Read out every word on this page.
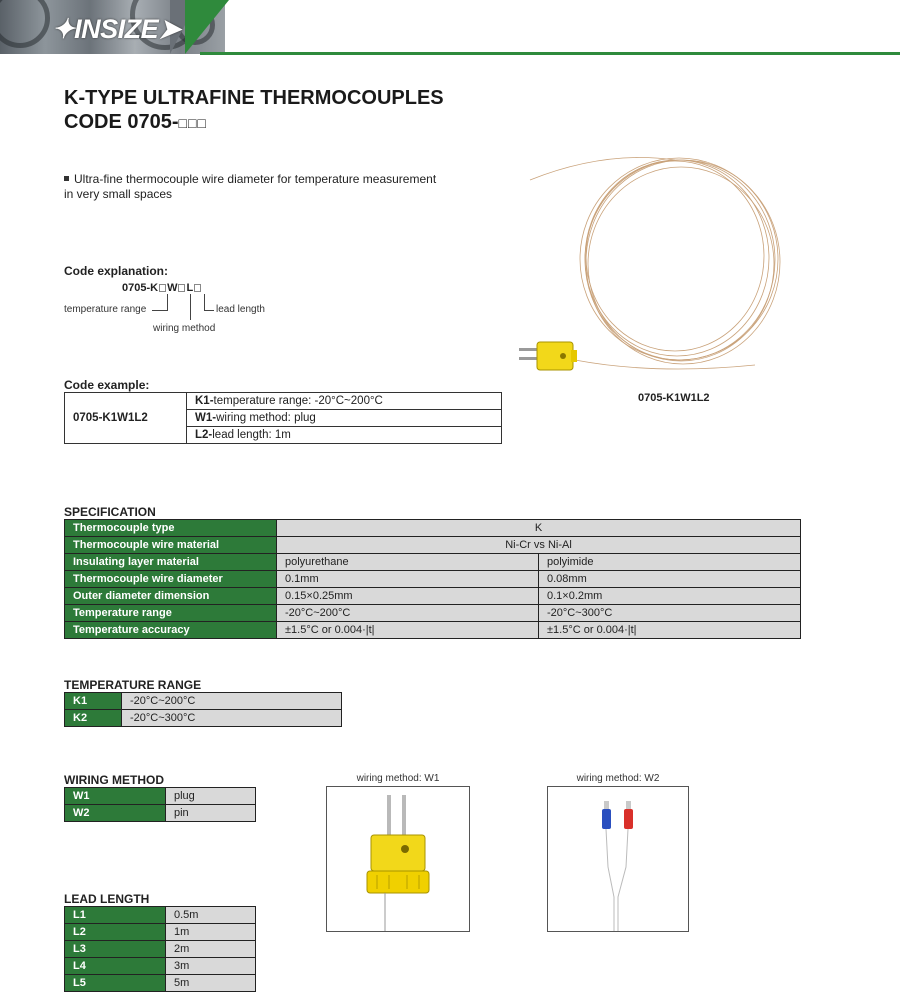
✦INSIZE➤
K-TYPE ULTRAFINE THERMOCOUPLES
CODE 0705-□□□
Ultra-fine thermocouple wire diameter for temperature measurement in very small spaces
Code explanation:
0705-K W L
temperature range
wiring method
lead length
Code example:
0705-K1W1L2	K1-temperature range: -20°C~200°C
W1-wiring method: plug
L2-lead length: 1m
0705-K1W1L2
SPECIFICATION
Thermocouple type	K	
Thermocouple wire material	Ni-Cr vs Ni-Al	
Insulating layer material	polyurethane	polyimide
Thermocouple wire diameter	0.1mm	0.08mm
Outer diameter dimension	0.15×0.25mm	0.1×0.2mm
Temperature range	-20°C~200°C	-20°C~300°C
Temperature accuracy	±1.5°C or 0.004·|t|	±1.5°C or 0.004·|t|
TEMPERATURE RANGE
K1	-20°C~200°C
K2	-20°C~300°C
WIRING METHOD
W1	plug
W2	pin
wiring method: W1	wiring method: W2
LEAD LENGTH
L1	0.5m
L2	1m
L3	2m
L4	3m
L5	5m
